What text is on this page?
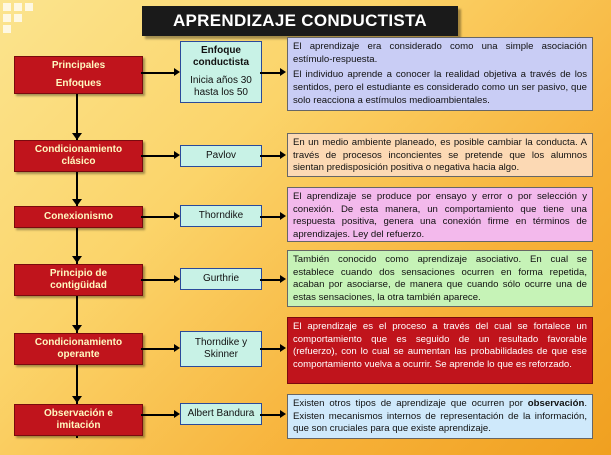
APRENDIZAJE CONDUCTISTA
Principales
Enfoques
Enfoque conductista
Inicia años 30 hasta los 50

El aprendizaje era considerado como una simple asociación estímulo-respuesta.

El individuo aprende a conocer la realidad objetiva a través de los sentidos, pero el estudiante es considerado como un ser pasivo, que solo reacciona a estímulos medioambientales.

Condicionamiento
clásico
Pavlov

En un medio ambiente planeado, es posible cambiar la conducta. A través de procesos inconcientes se pretende que los alumnos sientan predisposición positiva o negativa hacia algo.

Conexionismo	Thorndike

El aprendizaje se produce por ensayo y error o por selección y conexión. De esta manera, un comportamiento que tiene una respuesta positiva, genera una conexión firme en términos de aprendizajes. Ley del refuerzo.

Principio de
contigüidad
Gurthrie

También conocido como aprendizaje asociativo. En cual se establece cuando dos sensaciones ocurren en forma repetida, acaban por asociarse, de manera que cuando sólo ocurre una de estas sensaciones, la otra también aparece.

Condicionamiento
operante
Thorndike y Skinner

El aprendizaje es el proceso a través del cual se fortalece un comportamiento que es seguido de un resultado favorable (refuerzo), con lo cual se aumentan las probabilidades de que ese comportamiento vuelva a ocurrir. Se aprende lo que es reforzado.

Observación e
imitación
Albert Bandura

Existen otros tipos de aprendizaje que ocurren por observación. Existen mecanismos internos de representación de la información, que son cruciales para que existe aprendizaje.
